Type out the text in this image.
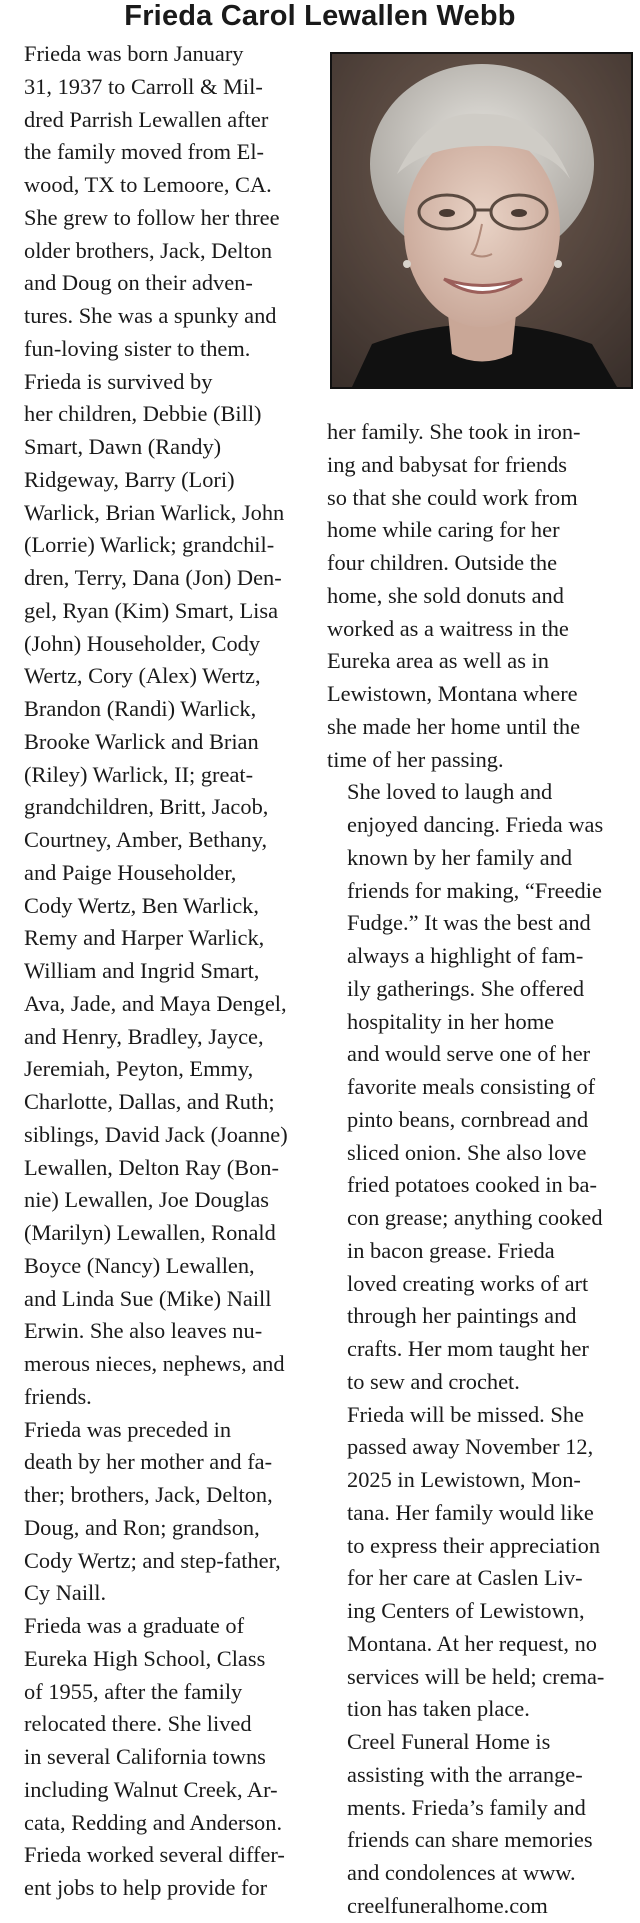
Frieda Carol Lewallen Webb

Frieda was born January
31, 1937 to Carroll & Mil-
dred Parrish Lewallen after
the family moved from El-
wood, TX to Lemoore, CA.
She grew to follow her three
older brothers, Jack, Delton
and Doug on their adven-
tures. She was a spunky and
fun-loving sister to them.

Frieda is survived by
her children, Debbie (Bill)
Smart, Dawn (Randy)
Ridgeway, Barry (Lori)
Warlick, Brian Warlick, John
(Lorrie) Warlick; grandchil-
dren, Terry, Dana (Jon) Den-
gel, Ryan (Kim) Smart, Lisa
(John) Householder, Cody
Wertz, Cory (Alex) Wertz,
Brandon (Randi) Warlick,
Brooke Warlick and Brian
(Riley) Warlick, II; great-
grandchildren, Britt, Jacob,
Courtney, Amber, Bethany,
and Paige Householder,
Cody Wertz, Ben Warlick,
Remy and Harper Warlick,
William and Ingrid Smart,
Ava, Jade, and Maya Dengel,
and Henry, Bradley, Jayce,
Jeremiah, Peyton, Emmy,
Charlotte, Dallas, and Ruth;
siblings, David Jack (Joanne)
Lewallen, Delton Ray (Bon-
nie) Lewallen, Joe Douglas
(Marilyn) Lewallen, Ronald
Boyce (Nancy) Lewallen,
and Linda Sue (Mike) Naill
Erwin. She also leaves nu-
merous nieces, nephews, and
friends.

Frieda was preceded in
death by her mother and fa-
ther; brothers, Jack, Delton,
Doug, and Ron; grandson,
Cody Wertz; and step-father,
Cy Naill.

Frieda was a graduate of
Eureka High School, Class
of 1955, after the family
relocated there. She lived
in several California towns
including Walnut Creek, Ar-
cata, Redding and Anderson.
Frieda worked several differ-
ent jobs to help provide for

her family. She took in iron-
ing and babysat for friends
so that she could work from
home while caring for her
four children. Outside the
home, she sold donuts and
worked as a waitress in the
Eureka area as well as in
Lewistown, Montana where
she made her home until the
time of her passing.

She loved to laugh and
enjoyed dancing. Frieda was
known by her family and
friends for making, “Freedie
Fudge.” It was the best and
always a highlight of fam-
ily gatherings. She offered
hospitality in her home
and would serve one of her
favorite meals consisting of
pinto beans, cornbread and
sliced onion. She also love
fried potatoes cooked in ba-
con grease; anything cooked
in bacon grease. Frieda
loved creating works of art
through her paintings and
crafts. Her mom taught her
to sew and crochet.

Frieda will be missed. She
passed away November 12,
2025 in Lewistown, Mon-
tana. Her family would like
to express their appreciation
for her care at Caslen Liv-
ing Centers of Lewistown,
Montana. At her request, no
services will be held; crema-
tion has taken place.

Creel Funeral Home is
assisting with the arrange-
ments. Frieda’s family and
friends can share memories
and condolences at www.
creelfuneralhome.com
